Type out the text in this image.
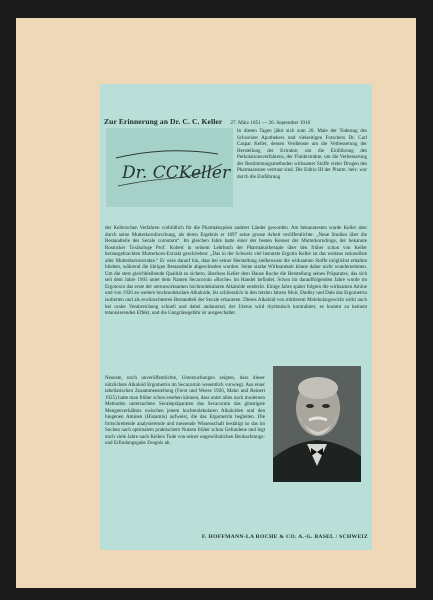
Zur Erinnerung an Dr. C. C. Keller 27. März 1851 — 26. September 1916
Dr. CCKeller

In diesen Tagen jährt sich zum 20. Male der Todestag des Schweizer Apothekers und vielseitigen Forschers Dr. Carl Caspar Keller, dessen Verdienste um die Verbesserung der Herstellung der Extrakte, um die Einführung des Perkolationsverfahrens, der Fluidextrakte, um die Verbesserung der Bestimmungsmethoden wirksamer Stoffe vieler Drogen des Pharmazeuten vertraut sind. Die Editio III der Pharm. helv. war durch die Einführung

der Kellerschen Verfahren vorbildlich für die Pharmakopöen anderer Länder geworden. Am bekanntesten wurde Keller aber durch seine Mutterkornforschung, als deren Ergebnis er 1897 seine grosse Arbeit veröffentlichte: „Neue Studien über die Bestandteile des Secale cornutum“. Im gleichen Jahre hatte einer der besten Kenner der Mutterkorndroge, der bekannte Rostocker Toxikologe Prof. Kobert in seinem Lehrbuch der Pharmakotherapie über den früher schon von Keller herausgebrachten Mutterkorn-Extrakt geschrieben: „Das in der Schweiz viel benutzte Ergotin Keller ist das weitaus rationellste aller Mutterkornextrakte.“ Er wies darauf hin, dass bei seiner Herstellung zielbewusst die wirksamen Stoffe möglichst erhalten blieben, während die übrigen Bestandteile abgeschieden wurden. Seine starke Wirksamkeit könne daher nicht wundernehmen. Um die stets gleichbleibende Qualität zu sichern, überliess Keller dem Hause Roche die Herstellung seines Präparates, das sich seit dem Jahre 1905 unter dem Namen Secacornin «Roche» im Handel befindet. Schon im darauffolgenden Jahre wurde im Ergotoxin das erste der uteruswirksamen hochmolekularen Alkaloide entdeckt. Einige Jahre später folgten die wirksamen Amine und von 1920 an weitere hochmolekulare Alkaloide, bis schliesslich in den letzten Jahren Moir, Dudley und Dale das Ergometrin isolierten und als erwünschtesten Bestandteil der Secale erkannten. Dieses Alkaloid von mittlerem Molekulargewicht wirkt auch bei oraler Verabreichung schnell und dabei andauernd, der Uterus wird rhythmisch kontrahiert, es kommt zu keinem tetanisierenden Effekt, und die Gangränegefahr ist ausgeschaltet.

Neueste, noch unveröffentlichte, Untersuchungen zeigten, dass dieser nützlichste Alkaloid Ergometrin im Secacornin wesentlich vorwiegt. Aus einer tabellarischen Zusammenstellung (Forst und Weese 1926, Mahn und Reinert 1925) hatte man früher schon ersehen können, dass unter allen nach modernen Methoden untersuchten Secalepräparaten das Secacornin das günstigste Mengenverhältnis zwischen jenem hochmolekularen Alkaloiden und den biogenen Aminen (Histamin) aufweist, die das Ergometrin begleiten. Die fortschreitende analysierende und messende Wissenschaft bestätigt so das im Suchen nach optimalem praktischem Nutzen früher schon Gefundene und legt noch viele Jahre nach Kellers Tode von seiner ungewöhnlichen Beobachtungs- und Erfindungsgabe Zeugnis ab.

F. HOFFMANN-LA ROCHE & CO. A.-G. BASEL / SCHWEIZ
